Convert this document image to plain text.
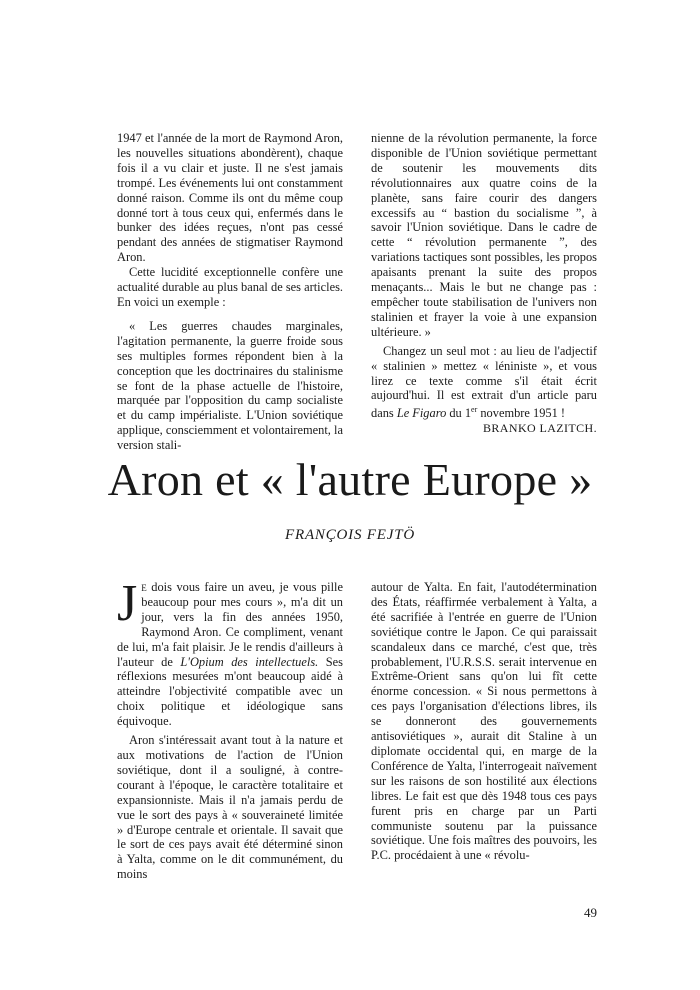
1947 et l'année de la mort de Raymond Aron, les nouvelles situations abondèrent), chaque fois il a vu clair et juste. Il ne s'est jamais trompé. Les événements lui ont constamment donné raison. Comme ils ont du même coup donné tort à tous ceux qui, enfermés dans le bunker des idées reçues, n'ont pas cessé pendant des années de stigmatiser Raymond Aron.

Cette lucidité exceptionnelle confère une actualité durable au plus banal de ses articles. En voici un exemple :

« Les guerres chaudes marginales, l'agitation permanente, la guerre froide sous ses multiples formes répondent bien à la conception que les doctrinaires du stalinisme se font de la phase actuelle de l'histoire, marquée par l'opposition du camp socialiste et du camp impérialiste. L'Union soviétique applique, consciemment et volontairement, la version stali-

nienne de la révolution permanente, la force disponible de l'Union soviétique permettant de soutenir les mouvements dits révolutionnaires aux quatre coins de la planète, sans faire courir des dangers excessifs au “ bastion du socialisme ”, à savoir l'Union soviétique. Dans le cadre de cette “ révolution permanente ”, des variations tactiques sont possibles, les propos apaisants prenant la suite des propos menaçants... Mais le but ne change pas : empêcher toute stabilisation de l'univers non stalinien et frayer la voie à une expansion ultérieure. »

Changez un seul mot : au lieu de l'adjectif « stalinien » mettez « léniniste », et vous lirez ce texte comme s'il était écrit aujourd'hui. Il est extrait d'un article paru dans Le Figaro du 1er novembre 1951 !

BRANKO LAZITCH.

Aron et « l'autre Europe »
FRANÇOIS FEJTÖ

Je dois vous faire un aveu, je vous pille beaucoup pour mes cours », m'a dit un jour, vers la fin des années 1950, Raymond Aron. Ce compliment, venant de lui, m'a fait plaisir. Je le rendis d'ailleurs à l'auteur de L'Opium des intellectuels. Ses réflexions mesurées m'ont beaucoup aidé à atteindre l'objectivité compatible avec un choix politique et idéologique sans équivoque.

Aron s'intéressait avant tout à la nature et aux motivations de l'action de l'Union soviétique, dont il a souligné, à contre-courant à l'époque, le caractère totalitaire et expansionniste. Mais il n'a jamais perdu de vue le sort des pays à « souveraineté limitée » d'Europe centrale et orientale. Il savait que le sort de ces pays avait été déterminé sinon à Yalta, comme on le dit communément, du moins

autour de Yalta. En fait, l'autodétermination des États, réaffirmée verbalement à Yalta, a été sacrifiée à l'entrée en guerre de l'Union soviétique contre le Japon. Ce qui paraissait scandaleux dans ce marché, c'est que, très probablement, l'U.R.S.S. serait intervenue en Extrême-Orient sans qu'on lui fît cette énorme concession. « Si nous permettons à ces pays l'organisation d'élections libres, ils se donneront des gouvernements antisoviétiques », aurait dit Staline à un diplomate occidental qui, en marge de la Conférence de Yalta, l'interrogeait naïvement sur les raisons de son hostilité aux élections libres. Le fait est que dès 1948 tous ces pays furent pris en charge par un Parti communiste soutenu par la puissance soviétique. Une fois maîtres des pouvoirs, les P.C. procédaient à une « révolu-

49
